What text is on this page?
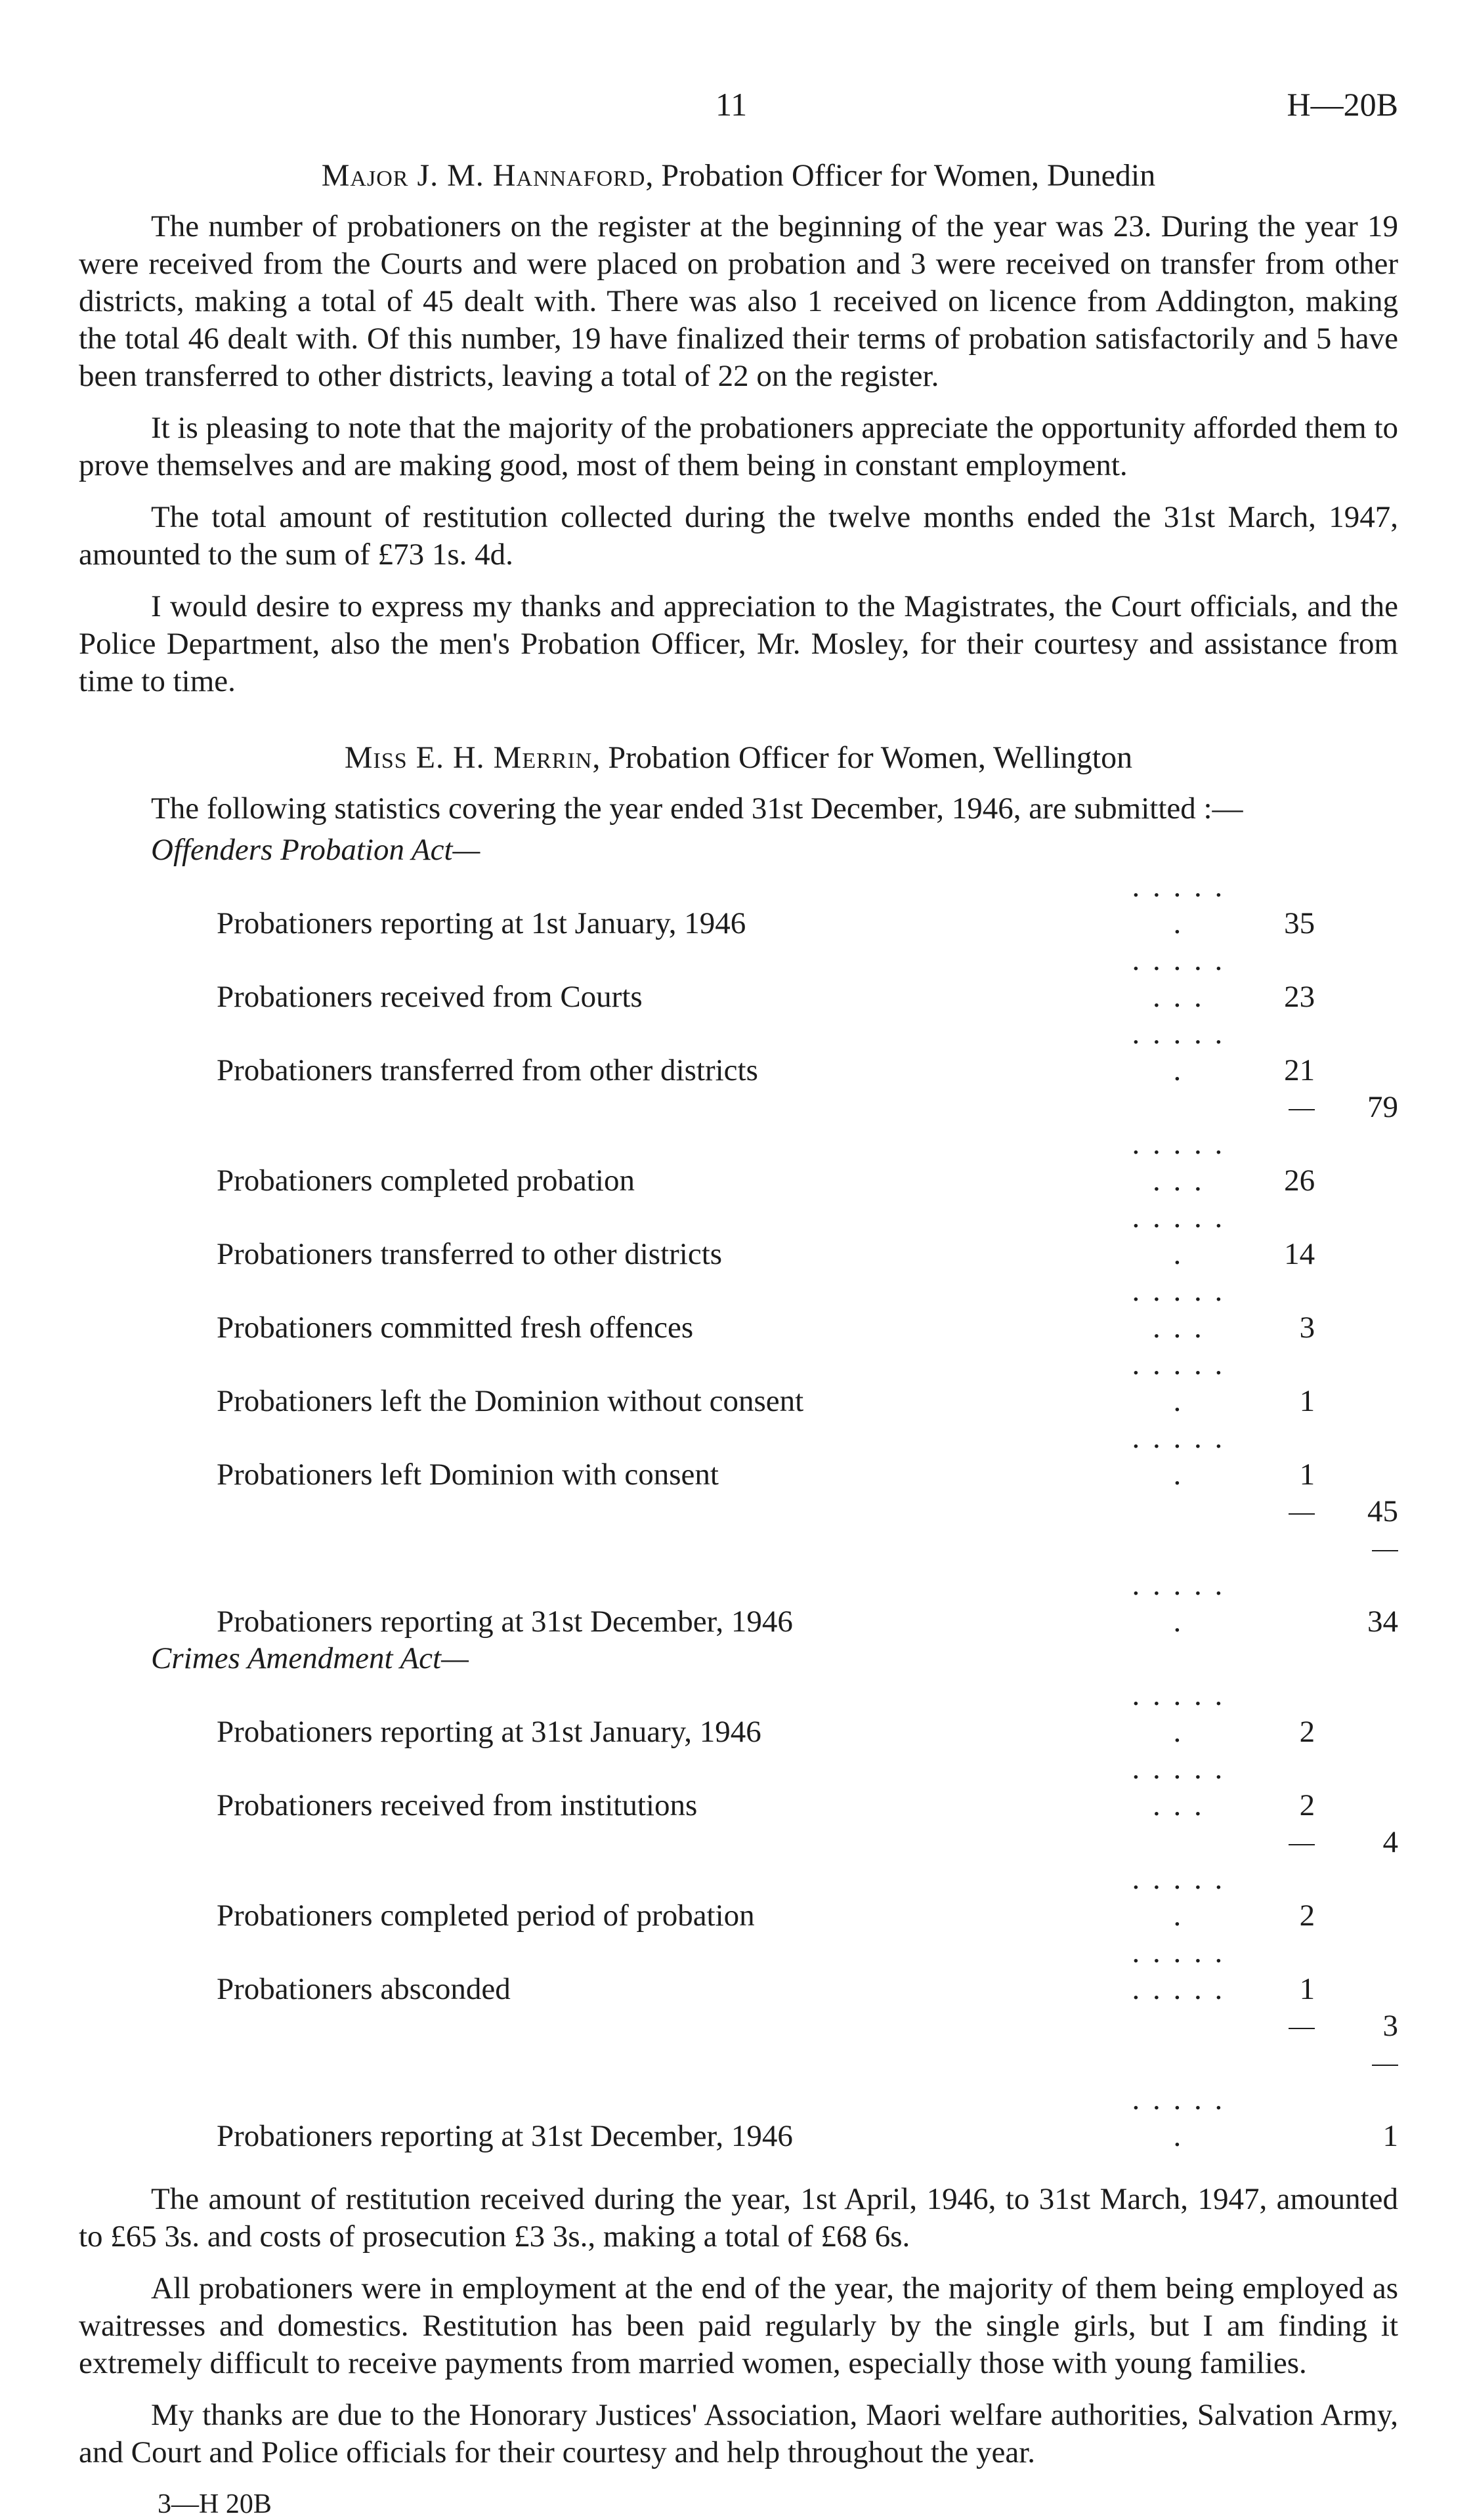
11	H—20B
Major J. M. Hannaford, Probation Officer for Women, Dunedin

The number of probationers on the register at the beginning of the year was 23. During the year 19 were received from the Courts and were placed on probation and 3 were received on transfer from other districts, making a total of 45 dealt with. There was also 1 received on licence from Addington, making the total 46 dealt with. Of this number, 19 have finalized their terms of probation satisfactorily and 5 have been transferred to other districts, leaving a total of 22 on the register.

It is pleasing to note that the majority of the probationers appreciate the opportunity afforded them to prove themselves and are making good, most of them being in constant employment.

The total amount of restitution collected during the twelve months ended the 31st March, 1947, amounted to the sum of £73 1s. 4d.

I would desire to express my thanks and appreciation to the Magistrates, the Court officials, and the Police Department, also the men's Probation Officer, Mr. Mosley, for their courtesy and assistance from time to time.

Miss E. H. Merrin, Probation Officer for Women, Wellington

The following statistics covering the year ended 31st December, 1946, are submitted :—

Offenders Probation Act—
Probationers reporting at 1st January, 1946	. . . . . .	35	
Probationers received from Courts	. . . . . . . .	23	
Probationers transferred from other districts	. . . . . .	21	
			79
Probationers completed probation	. . . . . . . .	26	
Probationers transferred to other districts	. . . . . .	14	
Probationers committed fresh offences	. . . . . . . .	3	
Probationers left the Dominion without consent	. . . . . .	1	
Probationers left Dominion with consent	. . . . . .	1	
			45

Probationers reporting at 31st December, 1946	. . . . . .		34
Crimes Amendment Act—
Probationers reporting at 31st January, 1946	. . . . . .	2	
Probationers received from institutions	. . . . . . . .	2	
			4
Probationers completed period of probation	. . . . . .	2	
Probationers absconded	. . . . . . . . . .	1	
			3

Probationers reporting at 31st December, 1946	. . . . . .		1

The amount of restitution received during the year, 1st April, 1946, to 31st March, 1947, amounted to £65 3s. and costs of prosecution £3 3s., making a total of £68 6s.

All probationers were in employment at the end of the year, the majority of them being employed as waitresses and domestics. Restitution has been paid regularly by the single girls, but I am finding it extremely difficult to receive payments from married women, especially those with young families.

My thanks are due to the Honorary Justices' Association, Maori welfare authorities, Salvation Army, and Court and Police officials for their courtesy and help throughout the year.

3—H 20B
